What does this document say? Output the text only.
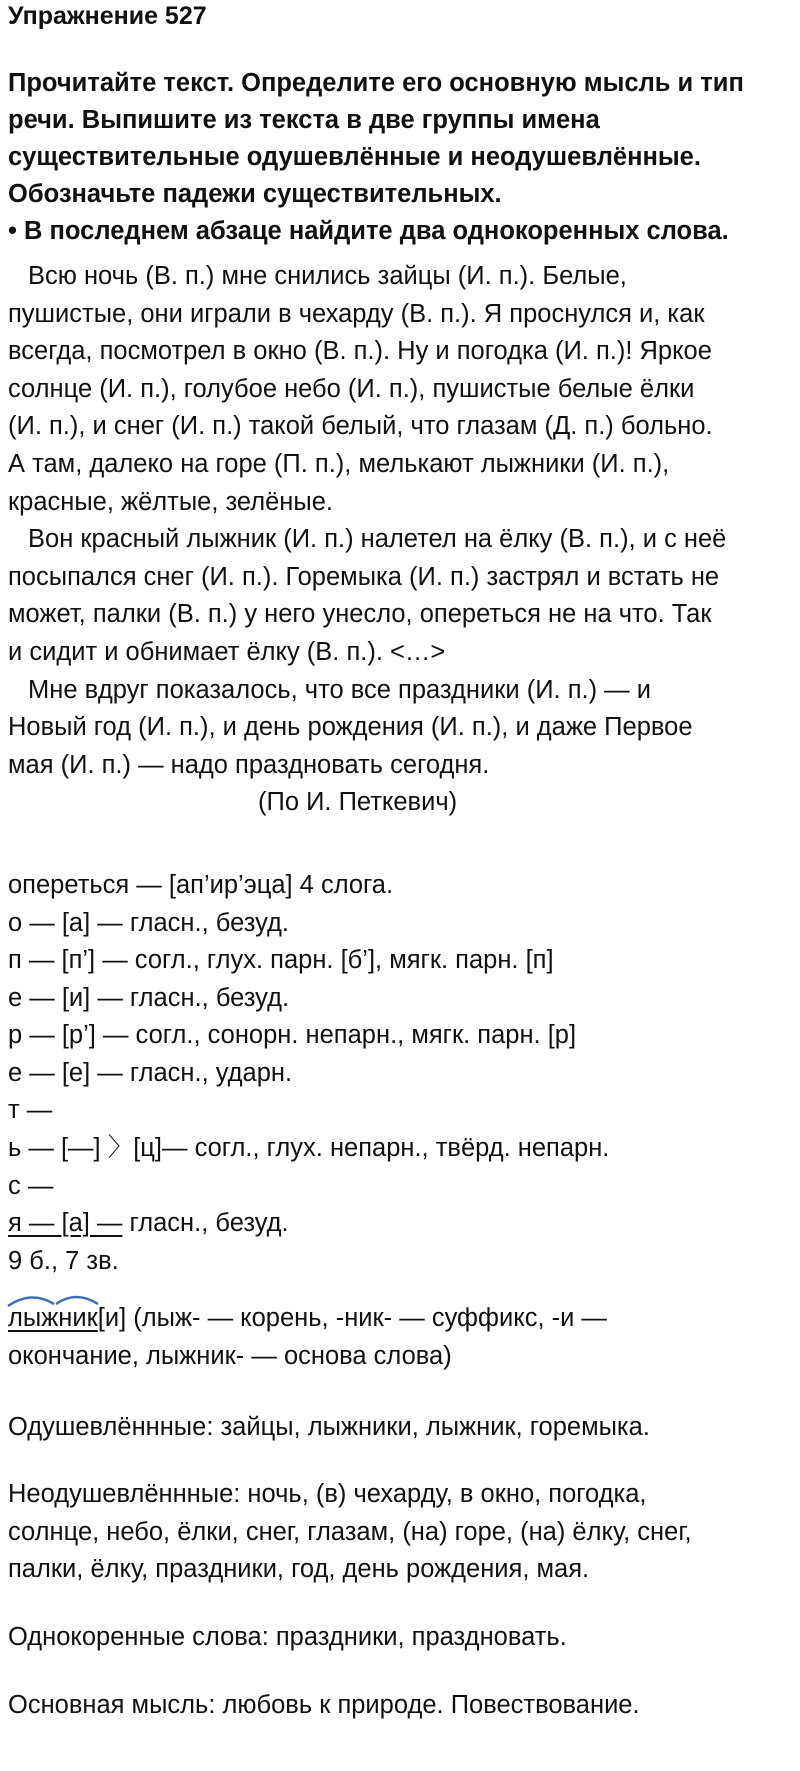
Упражнение 527
Прочитайте текст. Определите его основную мысль и тип
речи. Выпишите из текста в две группы имена
существительные одушевлённые и неодушевлённые.
Обозначьте падежи существительных.
• В последнем абзаце найдите два однокоренных слова.
Всю ночь (В. п.) мне снились зайцы (И. п.). Белые,
пушистые, они играли в чехарду (В. п.). Я проснулся и, как
всегда, посмотрел в окно (В. п.). Ну и погодка (И. п.)! Яркое
солнце (И. п.), голубое небо (И. п.), пушистые белые ёлки
(И. п.), и снег (И. п.) такой белый, что глазам (Д. п.) больно.
А там, далеко на горе (П. п.), мелькают лыжники (И. п.),
красные, жёлтые, зелёные.
Вон красный лыжник (И. п.) налетел на ёлку (В. п.), и с неё
посыпался снег (И. п.). Горемыка (И. п.) застрял и встать не
может, палки (В. п.) у него унесло, опереться не на что. Так
и сидит и обнимает ёлку (В. п.). <…>
Мне вдруг показалось, что все праздники (И. п.) — и
Новый год (И. п.), и день рождения (И. п.), и даже Первое
мая (И. п.) — надо праздновать сегодня.
(По И. Петкевич)
опереться — [ап’ир’эца] 4 слога.
о — [а] — гласн., безуд.
п — [п’] — согл., глух. парн. [б’], мягк. парн. [п]
е — [и] — гласн., безуд.
р — [р’] — согл., сонорн. непарн., мягк. парн. [р]
е — [е] — гласн., ударн.
т —
ь — [—] 〉[ц]— согл., глух. непарн., твёрд. непарн.
с —
я — [а] — гласн., безуд.
9 б., 7 зв.
лыжник[и] (лыж- — корень, -ник- — суффикс, -и —
окончание, лыжник- — основа слова)
Одушевлённные: зайцы, лыжники, лыжник, горемыка.
Неодушевлённные: ночь, (в) чехарду, в окно, погодка,
солнце, небо, ёлки, снег, глазам, (на) горе, (на) ёлку, снег,
палки, ёлку, праздники, год, день рождения, мая.
Однокоренные слова: праздники, праздновать.
Основная мысль: любовь к природе. Повествование.
